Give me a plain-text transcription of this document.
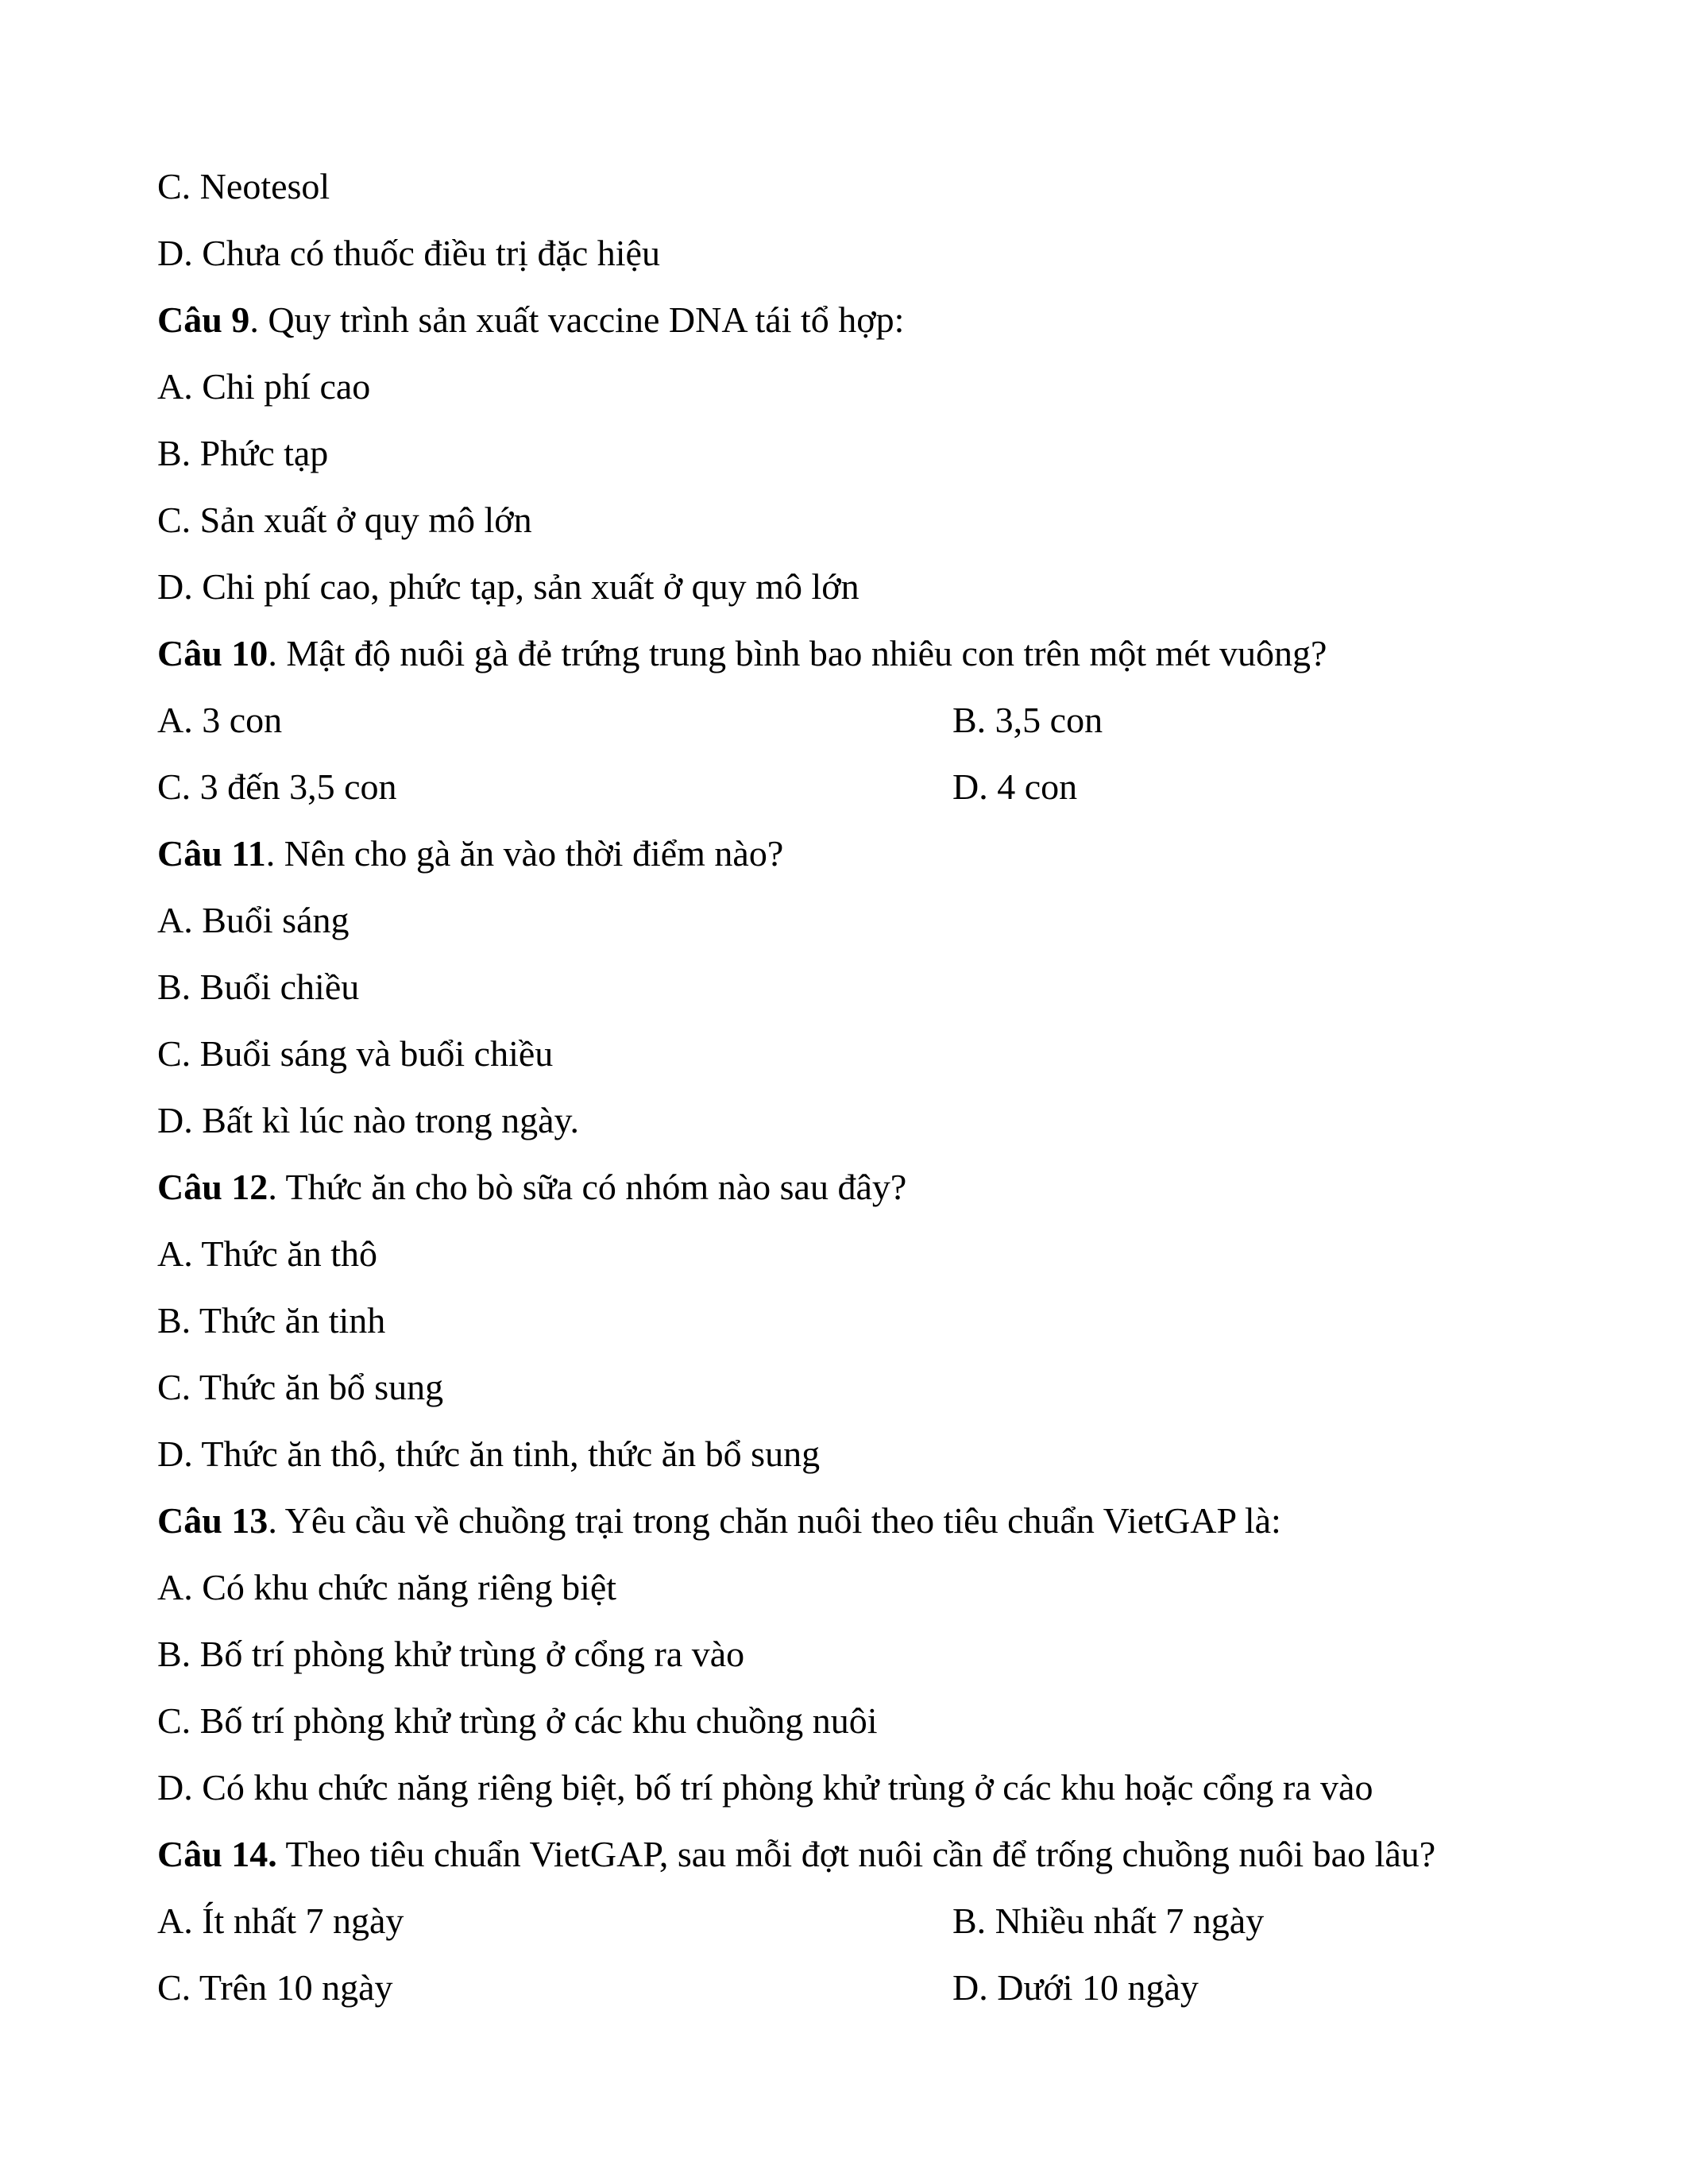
C. Neotesol
D. Chưa có thuốc điều trị đặc hiệu
Câu 9. Quy trình sản xuất vaccine DNA tái tổ hợp:
A. Chi phí cao
B. Phức tạp
C. Sản xuất ở quy mô lớn
D. Chi phí cao, phức tạp, sản xuất ở quy mô lớn
Câu 10. Mật độ nuôi gà đẻ trứng trung bình bao nhiêu con trên một mét vuông?
A. 3 con	B. 3,5 con
C. 3 đến 3,5 con	D. 4 con
Câu 11. Nên cho gà ăn vào thời điểm nào?
A. Buổi sáng
B. Buổi chiều
C. Buổi sáng và buổi chiều
D. Bất kì lúc nào trong ngày.
Câu 12. Thức ăn cho bò sữa có nhóm nào sau đây?
A. Thức ăn thô
B. Thức ăn tinh
C. Thức ăn bổ sung
D. Thức ăn thô, thức ăn tinh, thức ăn bổ sung
Câu 13. Yêu cầu về chuồng trại trong chăn nuôi theo tiêu chuẩn VietGAP là:
A. Có khu chức năng riêng biệt
B. Bố trí phòng khử trùng ở cổng ra vào
C. Bố trí phòng khử trùng ở các khu chuồng nuôi
D. Có khu chức năng riêng biệt, bố trí phòng khử trùng ở các khu hoặc cổng ra vào
Câu 14. Theo tiêu chuẩn VietGAP, sau mỗi đợt nuôi cần để trống chuồng nuôi bao lâu?
A. Ít nhất 7 ngày	B. Nhiều nhất 7 ngày
C. Trên 10 ngày	D. Dưới 10 ngày
